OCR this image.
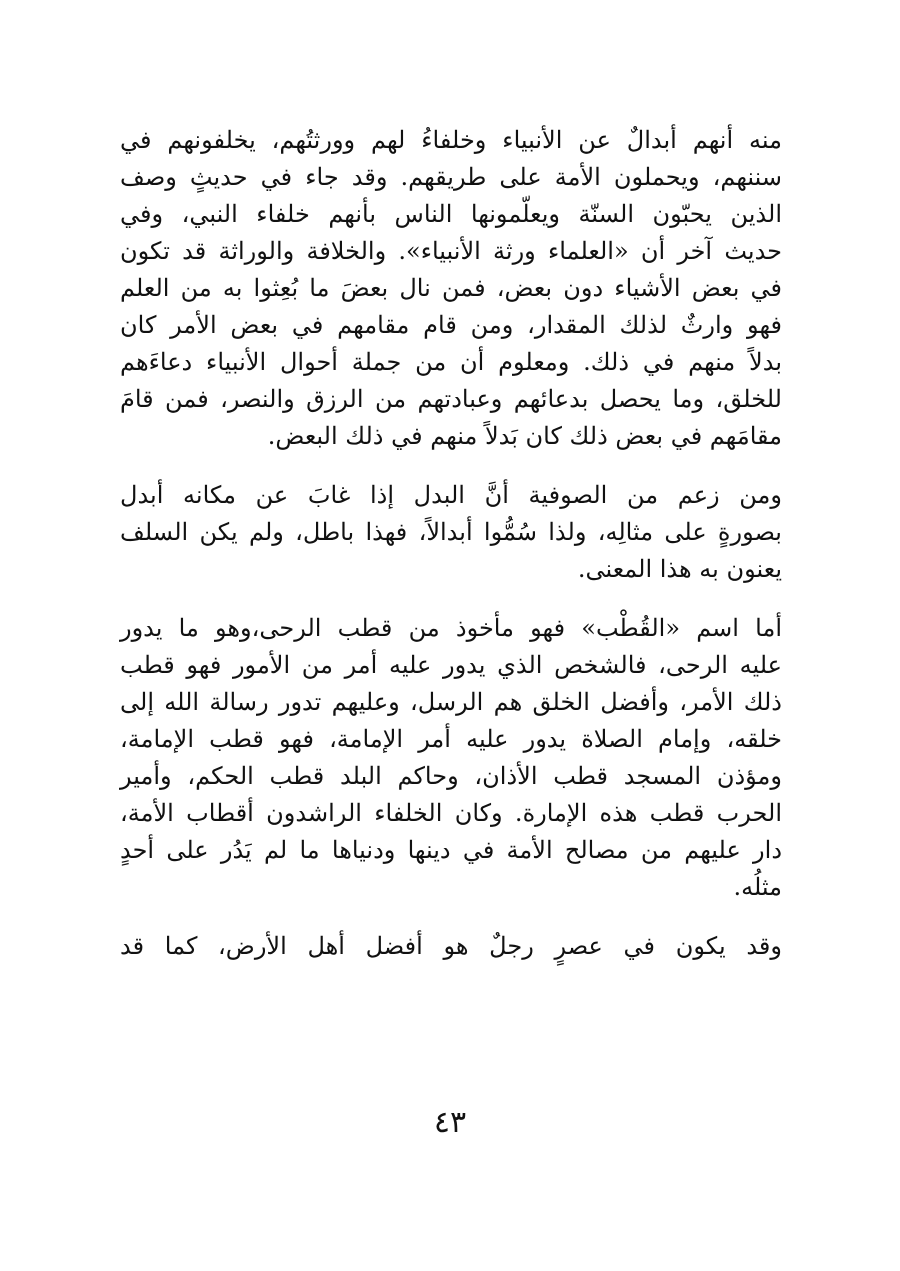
منه أنهم أبدالٌ عن الأنبياء وخلفاءُ لهم وورثتُهم، يخلفونهم في
سننهم، ويحملون الأمة على طريقهم. وقد جاء في حديثٍ وصف
الذين يحبّون السنّة ويعلّمونها الناس بأنهم خلفاء النبي، وفي
حديث آخر أن «العلماء ورثة الأنبياء». والخلافة والوراثة قد تكون
في بعض الأشياء دون بعض، فمن نال بعضَ ما بُعِثوا به من العلم
فهو وارثٌ لذلك المقدار، ومن قام مقامهم في بعض الأمر كان
بدلاً منهم في ذلك. ومعلوم أن من جملة أحوال الأنبياء دعاءَهم
للخلق، وما يحصل بدعائهم وعبادتهم من الرزق والنصر، فمن قامَ
مقامَهم في بعض ذلك كان بَدلاً منهم في ذلك البعض.

ومن زعم من الصوفية أنَّ البدل إذا غابَ عن مكانه أبدل
بصورةٍ على مثالِه، ولذا سُمُّوا أبدالاً، فهذا باطل، ولم يكن السلف
يعنون به هذا المعنى.

أما اسم «القُطْب» فهو مأخوذ من قطب الرحى،وهو ما يدور
عليه الرحى، فالشخص الذي يدور عليه أمر من الأمور فهو قطب
ذلك الأمر، وأفضل الخلق هم الرسل، وعليهم تدور رسالة الله إلى
خلقه، وإمام الصلاة يدور عليه أمر الإمامة، فهو قطب الإمامة،
ومؤذن المسجد قطب الأذان، وحاكم البلد قطب الحكم، وأمير
الحرب قطب هذه الإمارة. وكان الخلفاء الراشدون أقطاب الأمة،
دار عليهم من مصالح الأمة في دينها ودنياها ما لم يَدُر على أحدٍ
مثلُه.

وقد يكون في عصرٍ رجلٌ هو أفضل أهل الأرض، كما قد

٤٣
